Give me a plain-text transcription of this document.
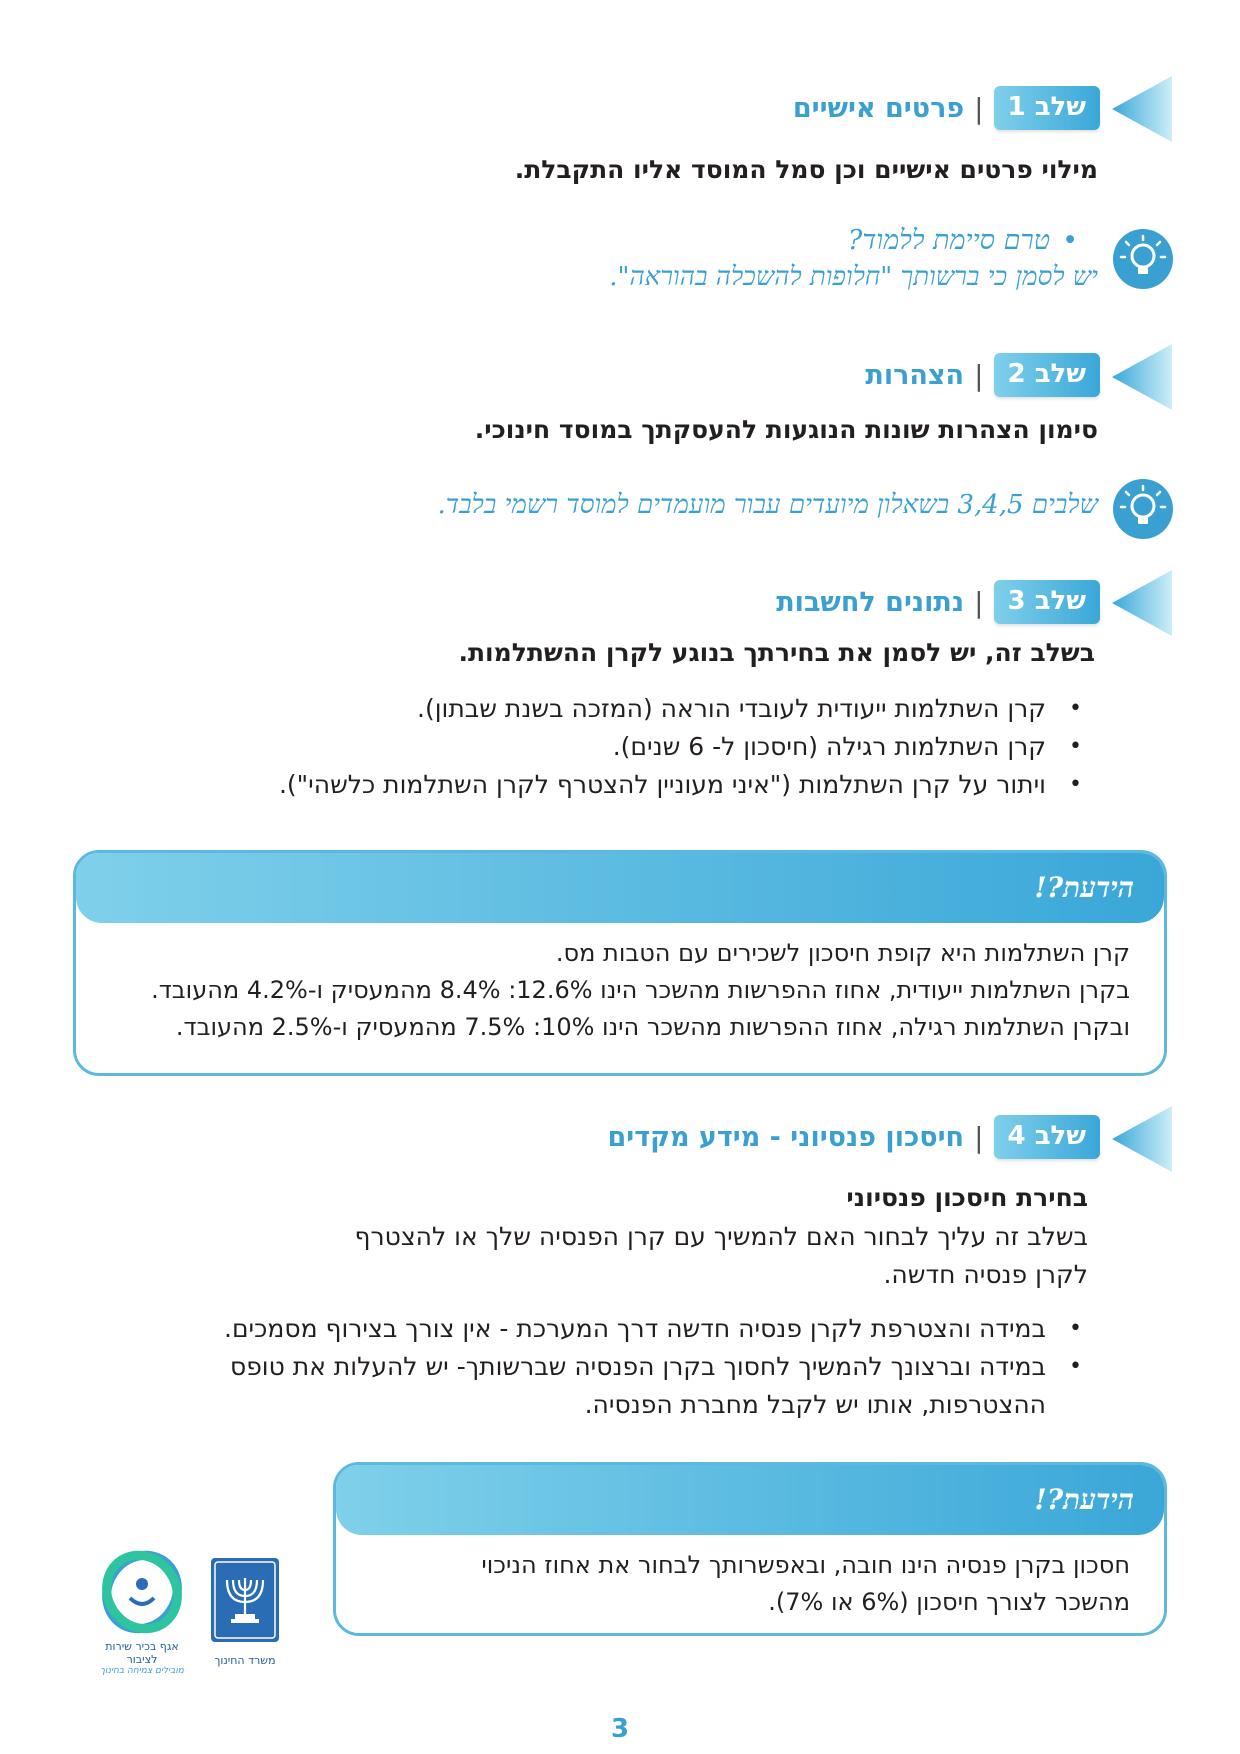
שלב 1
|
פרטים אישיים
מילוי פרטים אישיים וכן סמל המוסד אליו התקבלת.
•טרם סיימת ללמוד?
יש לסמן כי ברשותך "חלופות להשכלה בהוראה".
שלב 2
|
הצהרות
סימון הצהרות שונות הנוגעות להעסקתך במוסד חינוכי.
שלבים 3,4,5 בשאלון מיועדים עבור מועמדים למוסד רשמי בלבד.
שלב 3
|
נתונים לחשבות
בשלב זה, יש לסמן את בחירתך בנוגע לקרן ההשתלמות.
• קרן השתלמות ייעודית לעובדי הוראה (המזכה בשנת שבתון).
• קרן השתלמות רגילה (חיסכון ל- 6 שנים).
• ויתור על קרן השתלמות ("איני מעוניין להצטרף לקרן השתלמות כלשהי").
הידעת?!
קרן השתלמות היא קופת חיסכון לשכירים עם הטבות מס.
בקרן השתלמות ייעודית, אחוז ההפרשות מהשכר הינו 12.6%: 8.4% מהמעסיק ו-4.2% מהעובד.
ובקרן השתלמות רגילה, אחוז ההפרשות מהשכר הינו 10%: 7.5% מהמעסיק ו-2.5% מהעובד.
שלב 4
|
חיסכון פנסיוני - מידע מקדים
בחירת חיסכון פנסיוני
בשלב זה עליך לבחור האם להמשיך עם קרן הפנסיה שלך או להצטרף
לקרן פנסיה חדשה.
• במידה והצטרפת לקרן פנסיה חדשה דרך המערכת - אין צורך בצירוף מסמכים.
• במידה וברצונך להמשיך לחסוך בקרן הפנסיה שברשותך- יש להעלות את טופס
ההצטרפות, אותו יש לקבל מחברת הפנסיה.
הידעת?!
חסכון בקרן פנסיה הינו חובה, ובאפשרותך לבחור את אחוז הניכוי
מהשכר לצורך חיסכון (6% או 7%).
משרד החינוך
אגף בכיר שירות לציבור
מובילים צמיחה בחינוך
3
